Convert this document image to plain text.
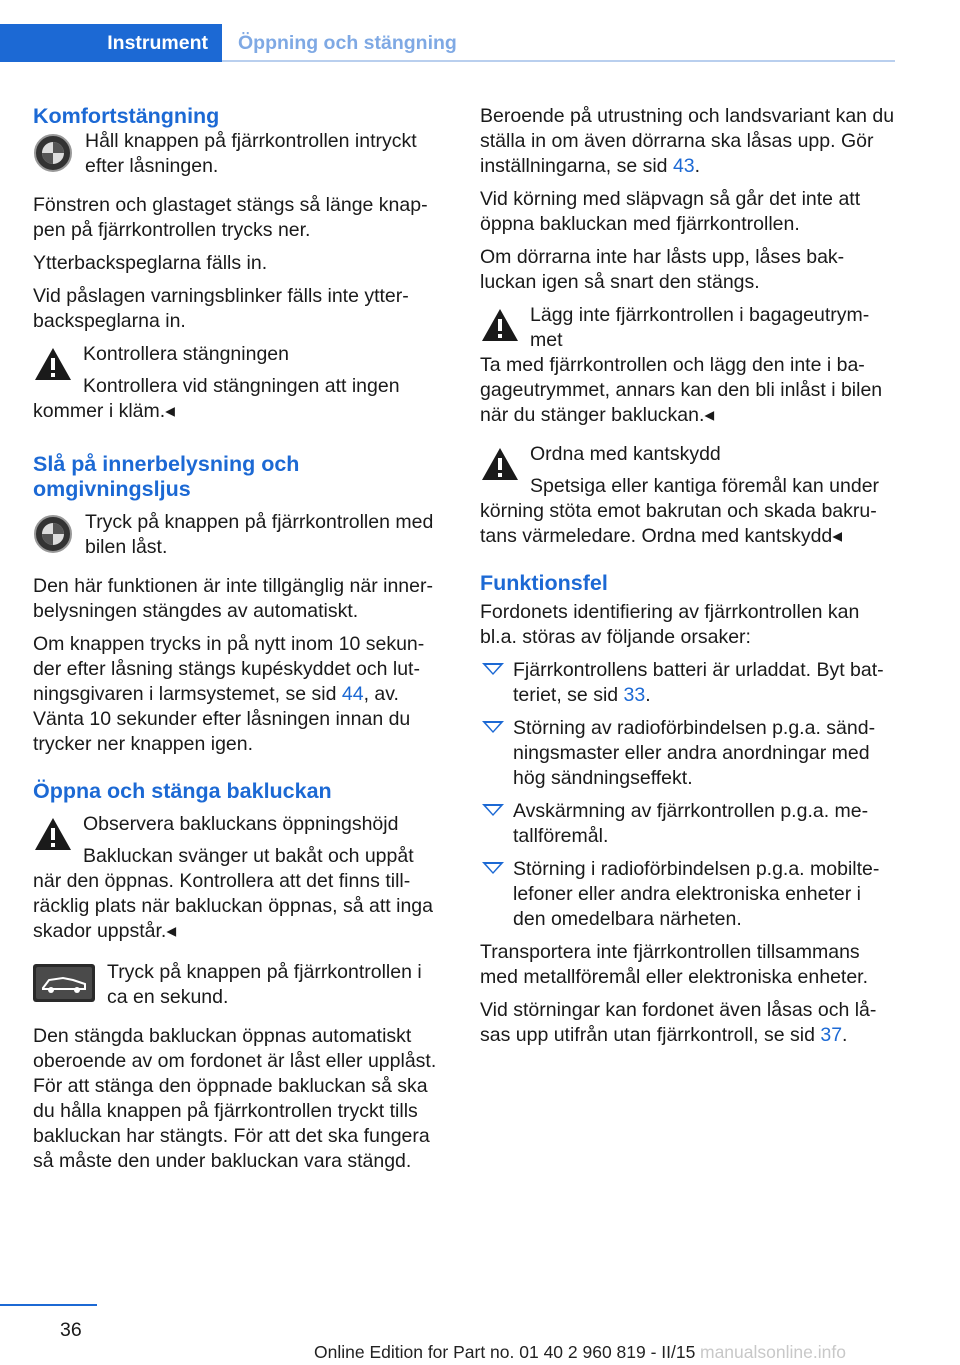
Instrument	Öppning och stängning
Komfortstängning

Håll knappen på fjärrkontrollen intryckt efter låsningen.

Fönstren och glastaget stängs så länge knap-pen på fjärrkontrollen trycks ner.

Ytterbackspeglarna fälls in.

Vid påslagen varningsblinker fälls inte ytter-backspeglarna in.

Kontrollera stängningen

Kontrollera vid stängningen att ingen kommer i kläm.◂

Slå på innerbelysning och omgivningsljus

Tryck på knappen på fjärrkontrollen med bilen låst.

Den här funktionen är inte tillgänglig när inner-belysningen stängdes av automatiskt.

Om knappen trycks in på nytt inom 10 sekun-der efter låsning stängs kupéskyddet och lut-ningsgivaren i larmsystemet, se sid 44, av. Vänta 10 sekunder efter låsningen innan du trycker ner knappen igen.

Öppna och stänga bakluckan

Observera bakluckans öppningshöjd

Bakluckan svänger ut bakåt och uppåt när den öppnas. Kontrollera att det finns till-räcklig plats när bakluckan öppnas, så att inga skador uppstår.◂

Tryck på knappen på fjärrkontrollen i ca en sekund.

Den stängda bakluckan öppnas automatiskt oberoende av om fordonet är låst eller upplåst. För att stänga den öppnade bakluckan så ska du hålla knappen på fjärrkontrollen tryckt tills bakluckan har stängts. För att det ska fungera så måste den under bakluckan vara stängd.

Beroende på utrustning och landsvariant kan du ställa in om även dörrarna ska låsas upp. Gör inställningarna, se sid 43.

Vid körning med släpvagn så går det inte att öppna bakluckan med fjärrkontrollen.

Om dörrarna inte har låsts upp, låses bak-luckan igen så snart den stängs.

Lägg inte fjärrkontrollen i bagageutrym-met

Ta med fjärrkontrollen och lägg den inte i ba-gageutrymmet, annars kan den bli inlåst i bilen när du stänger bakluckan.◂

Ordna med kantskydd

Spetsiga eller kantiga föremål kan under körning stöta emot bakrutan och skada bakru-tans värmeledare. Ordna med kantskydd◂

Funktionsfel

Fordonets identifiering av fjärrkontrollen kan bl.a. störas av följande orsaker:

Fjärrkontrollens batteri är urladdat. Byt bat-teriet, se sid 33.
Störning av radioförbindelsen p.g.a. sänd-ningsmaster eller andra anordningar med hög sändningseffekt.
Avskärmning av fjärrkontrollen p.g.a. me-tallföremål.
Störning i radioförbindelsen p.g.a. mobilte-lefoner eller andra elektroniska enheter i den omedelbara närheten.

Transportera inte fjärrkontrollen tillsammans med metallföremål eller elektroniska enheter.

Vid störningar kan fordonet även låsas och lå-sas upp utifrån utan fjärrkontroll, se sid 37.

36
Online Edition for Part no. 01 40 2 960 819 - II/15 manualsonline.info
